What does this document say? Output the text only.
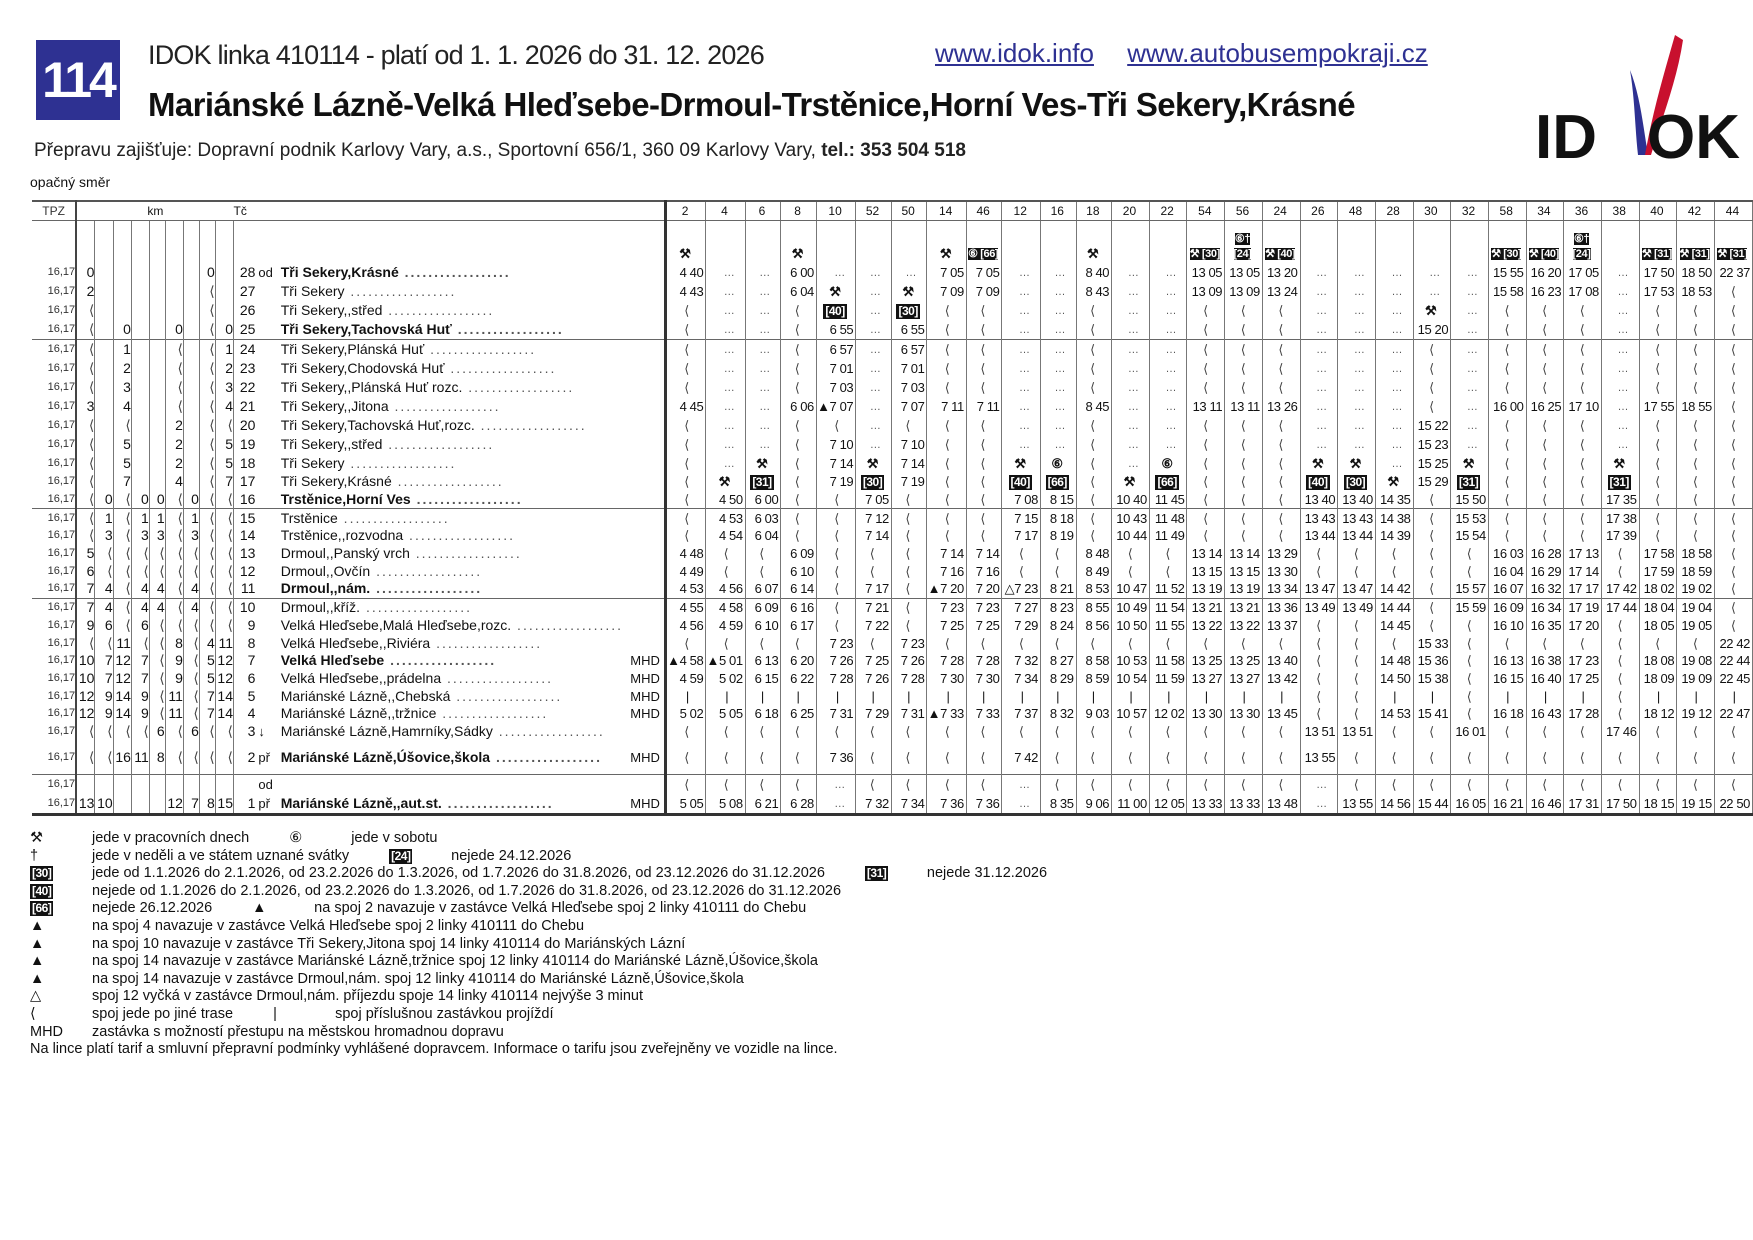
114 IDOK linka 410114 - platí od 1. 1. 2026 do 31. 12. 2026	www.idok.info www.autobusempokraji.cz
Mariánské Lázně-Velká Hleďsebe-Drmoul-Trstěnice,Horní Ves-Tři Sekery,Krásné
Přepravu zajišťuje: Dopravní podnik Karlovy Vary, a.s., Sportovní 656/1, 360 09 Karlovy Vary, tel.: 353 504 518	ID OK
opačný směr
TPZ	km									Tč				2	4	6	8	10	52	50	14	46	12	16	18	20	22	54	56	24	26	48	28	30	32	58	34	36	38	40	42	44
														⚒			⚒				⚒	⑥ [66]			⚒			⚒ [30]	⑥† [24]	⚒ [40]						⚒ [30]	⚒ [40]	⑥† [24]		⚒ [31]	⚒ [31]	⚒ [31]
16,17	0							0		28	od	Tři Sekery,Krásné ..................		4 40	…	…	6 00	…	…	…	7 05	7 05	…	…	8 40	…	…	13 05	13 05	13 20	…	…	…	…	…	15 55	16 20	17 05	…	17 50	18 50	22 37
16,17	2							⟨		27		Tři Sekery ..................		4 43	…	…	6 04	⚒	…	⚒	7 09	7 09	…	…	8 43	…	…	13 09	13 09	13 24	…	…	…	…	…	15 58	16 23	17 08	…	17 53	18 53	⟨
16,17	⟨							⟨		26		Tři Sekery,,střed ..................		⟨	…	…	⟨	[40]	…	[30]	⟨	⟨	…	…	⟨	…	…	⟨	⟨	⟨	…	…	…	⚒	…	⟨	⟨	⟨	…	⟨	⟨	⟨
16,17	⟨		0			0		⟨	0	25		Tři Sekery,Tachovská Huť ..................		⟨	…	…	⟨	6 55	…	6 55	⟨	⟨	…	…	⟨	…	…	⟨	⟨	⟨	…	…	…	15 20	…	⟨	⟨	⟨	…	⟨	⟨	⟨
16,17	⟨		1			⟨		⟨	1	24		Tři Sekery,Plánská Huť ..................		⟨	…	…	⟨	6 57	…	6 57	⟨	⟨	…	…	⟨	…	…	⟨	⟨	⟨	…	…	…	⟨	…	⟨	⟨	⟨	…	⟨	⟨	⟨
16,17	⟨		2			⟨		⟨	2	23		Tři Sekery,Chodovská Huť ..................		⟨	…	…	⟨	7 01	…	7 01	⟨	⟨	…	…	⟨	…	…	⟨	⟨	⟨	…	…	…	⟨	…	⟨	⟨	⟨	…	⟨	⟨	⟨
16,17	⟨		3			⟨		⟨	3	22		Tři Sekery,,Plánská Huť rozc. ..................		⟨	…	…	⟨	7 03	…	7 03	⟨	⟨	…	…	⟨	…	…	⟨	⟨	⟨	…	…	…	⟨	…	⟨	⟨	⟨	…	⟨	⟨	⟨
16,17	3		4			⟨		⟨	4	21		Tři Sekery,,Jitona ..................		4 45	…	…	6 06	▲7 07	…	7 07	7 11	7 11	…	…	8 45	…	…	13 11	13 11	13 26	…	…	…	⟨	…	16 00	16 25	17 10	…	17 55	18 55	⟨
16,17	⟨		⟨			2		⟨	⟨	20		Tři Sekery,Tachovská Huť,rozc. ..................		⟨	…	…	⟨	⟨	…	⟨	⟨	⟨	…	…	⟨	…	…	⟨	⟨	⟨	…	…	…	15 22	…	⟨	⟨	⟨	…	⟨	⟨	⟨
16,17	⟨		5			2		⟨	5	19		Tři Sekery,,střed ..................		⟨	…	…	⟨	7 10	…	7 10	⟨	⟨	…	…	⟨	…	…	⟨	⟨	⟨	…	…	…	15 23	…	⟨	⟨	⟨	…	⟨	⟨	⟨
16,17	⟨		5			2		⟨	5	18		Tři Sekery ..................		⟨	…	⚒	⟨	7 14	⚒	7 14	⟨	⟨	⚒	⑥	⟨	…	⑥	⟨	⟨	⟨	⚒	⚒	…	15 25	⚒	⟨	⟨	⟨	⚒	⟨	⟨	⟨
16,17	⟨		7			4		⟨	7	17		Tři Sekery,Krásné ..................		⟨	⚒	[31]	⟨	7 19	[30]	7 19	⟨	⟨	[40]	[66]	⟨	⚒	[66]	⟨	⟨	⟨	[40]	[30]	⚒	15 29	[31]	⟨	⟨	⟨	[31]	⟨	⟨	⟨
16,17	⟨	0	⟨	0	0	⟨	0	⟨	⟨	16		Trstěnice,Horní Ves ..................		⟨	4 50	6 00	⟨	⟨	7 05	⟨	⟨	⟨	7 08	8 15	⟨	10 40	11 45	⟨	⟨	⟨	13 40	13 40	14 35	⟨	15 50	⟨	⟨	⟨	17 35	⟨	⟨	⟨
16,17	⟨	1	⟨	1	1	⟨	1	⟨	⟨	15		Trstěnice ..................		⟨	4 53	6 03	⟨	⟨	7 12	⟨	⟨	⟨	7 15	8 18	⟨	10 43	11 48	⟨	⟨	⟨	13 43	13 43	14 38	⟨	15 53	⟨	⟨	⟨	17 38	⟨	⟨	⟨
16,17	⟨	3	⟨	3	3	⟨	3	⟨	⟨	14		Trstěnice,,rozvodna ..................		⟨	4 54	6 04	⟨	⟨	7 14	⟨	⟨	⟨	7 17	8 19	⟨	10 44	11 49	⟨	⟨	⟨	13 44	13 44	14 39	⟨	15 54	⟨	⟨	⟨	17 39	⟨	⟨	⟨
16,17	5	⟨	⟨	⟨	⟨	⟨	⟨	⟨	⟨	13		Drmoul,,Panský vrch ..................		4 48	⟨	⟨	6 09	⟨	⟨	⟨	7 14	7 14	⟨	⟨	8 48	⟨	⟨	13 14	13 14	13 29	⟨	⟨	⟨	⟨	⟨	16 03	16 28	17 13	⟨	17 58	18 58	⟨
16,17	6	⟨	⟨	⟨	⟨	⟨	⟨	⟨	⟨	12		Drmoul,,Ovčín ..................		4 49	⟨	⟨	6 10	⟨	⟨	⟨	7 16	7 16	⟨	⟨	8 49	⟨	⟨	13 15	13 15	13 30	⟨	⟨	⟨	⟨	⟨	16 04	16 29	17 14	⟨	17 59	18 59	⟨
16,17	7	4	⟨	4	4	⟨	4	⟨	⟨	11		Drmoul,,nám. ..................		4 53	4 56	6 07	6 14	⟨	7 17	⟨	▲7 20	7 20	△7 23	8 21	8 53	10 47	11 52	13 19	13 19	13 34	13 47	13 47	14 42	⟨	15 57	16 07	16 32	17 17	17 42	18 02	19 02	⟨
16,17	7	4	⟨	4	4	⟨	4	⟨	⟨	10		Drmoul,,kříž. ..................		4 55	4 58	6 09	6 16	⟨	7 21	⟨	7 23	7 23	7 27	8 23	8 55	10 49	11 54	13 21	13 21	13 36	13 49	13 49	14 44	⟨	15 59	16 09	16 34	17 19	17 44	18 04	19 04	⟨
16,17	9	6	⟨	6	⟨	⟨	⟨	⟨	⟨	9		Velká Hleďsebe,Malá Hleďsebe,rozc. ..................		4 56	4 59	6 10	6 17	⟨	7 22	⟨	7 25	7 25	7 29	8 24	8 56	10 50	11 55	13 22	13 22	13 37	⟨	⟨	14 45	⟨	⟨	16 10	16 35	17 20	⟨	18 05	19 05	⟨
16,17	⟨	⟨	11	⟨	⟨	8	⟨	4	11	8		Velká Hleďsebe,,Riviéra ..................		⟨	⟨	⟨	⟨	7 23	⟨	7 23	⟨	⟨	⟨	⟨	⟨	⟨	⟨	⟨	⟨	⟨	⟨	⟨	⟨	15 33	⟨	⟨	⟨	⟨	⟨	⟨	⟨	22 42
16,17	10	7	12	7	⟨	9	⟨	5	12	7		Velká Hleďsebe ..................	MHD	▲4 58	▲5 01	6 13	6 20	7 26	7 25	7 26	7 28	7 28	7 32	8 27	8 58	10 53	11 58	13 25	13 25	13 40	⟨	⟨	14 48	15 36	⟨	16 13	16 38	17 23	⟨	18 08	19 08	22 44
16,17	10	7	12	7	⟨	9	⟨	5	12	6		Velká Hleďsebe,,prádelna ..................	MHD	4 59	5 02	6 15	6 22	7 28	7 26	7 28	7 30	7 30	7 34	8 29	8 59	10 54	11 59	13 27	13 27	13 42	⟨	⟨	14 50	15 38	⟨	16 15	16 40	17 25	⟨	18 09	19 09	22 45
16,17	12	9	14	9	⟨	11	⟨	7	14	5		Mariánské Lázně,,Chebská ..................	MHD	|	|	|	|	|	|	|	|	|	|	|	|	|	|	|	|	|	⟨	⟨	|	|	⟨	|	|	|	⟨	|	|	|
16,17	12	9	14	9	⟨	11	⟨	7	14	4		Mariánské Lázně,,tržnice ..................	MHD	5 02	5 05	6 18	6 25	7 31	7 29	7 31	▲7 33	7 33	7 37	8 32	9 03	10 57	12 02	13 30	13 30	13 45	⟨	⟨	14 53	15 41	⟨	16 18	16 43	17 28	⟨	18 12	19 12	22 47
16,17	⟨	⟨	⟨	⟨	6	⟨	6	⟨	⟨	3	↓	Mariánské Lázně,Hamrníky,Sádky ..................		⟨	⟨	⟨	⟨	⟨	⟨	⟨	⟨	⟨	⟨	⟨	⟨	⟨	⟨	⟨	⟨	⟨	13 51	13 51	⟨	⟨	16 01	⟨	⟨	⟨	17 46	⟨	⟨	⟨
16,17	⟨	⟨	16	11	8	⟨	⟨	⟨	⟨	2	př	Mariánské Lázně,Úšovice,škola ..................	MHD	⟨	⟨	⟨	⟨	7 36	⟨	⟨	⟨	⟨	7 42	⟨	⟨	⟨	⟨	⟨	⟨	⟨	13 55	⟨	⟨	⟨	⟨	⟨	⟨	⟨	⟨	⟨	⟨	⟨
16,17											od			⟨	⟨	⟨	⟨	…	⟨	⟨	⟨	⟨	…	⟨	⟨	⟨	⟨	⟨	⟨	⟨	…	⟨	⟨	⟨	⟨	⟨	⟨	⟨	⟨	⟨	⟨	⟨
16,17	13	10				12	7	8	15	1	př	Mariánské Lázně,,aut.st. ..................	MHD	5 05	5 08	6 21	6 28	…	7 32	7 34	7 36	7 36	…	8 35	9 06	11 00	12 05	13 33	13 33	13 48	…	13 55	14 56	15 44	16 05	16 21	16 46	17 31	17 50	18 15	19 15	22 50
⚒	jede v pracovních dnech	⑥	jede v sobotu
†	jede v neděli a ve státem uznané svátky	[24]	nejede 24.12.2026
[30]	jede od 1.1.2026 do 2.1.2026, od 23.2.2026 do 1.3.2026, od 1.7.2026 do 31.8.2026, od 23.12.2026 do 31.12.2026	[31]	nejede 31.12.2026
[40]	nejede od 1.1.2026 do 2.1.2026, od 23.2.2026 do 1.3.2026, od 1.7.2026 do 31.8.2026, od 23.12.2026 do 31.12.2026
[66]	nejede 26.12.2026	▲	na spoj 2 navazuje v zastávce Velká Hleďsebe spoj 2 linky 410111 do Chebu
▲	na spoj 4 navazuje v zastávce Velká Hleďsebe spoj 2 linky 410111 do Chebu
▲	na spoj 10 navazuje v zastávce Tři Sekery,Jitona spoj 14 linky 410114 do Mariánských Lázní
▲	na spoj 14 navazuje v zastávce Mariánské Lázně,tržnice spoj 12 linky 410114 do Mariánské Lázně,Úšovice,škola
▲	na spoj 14 navazuje v zastávce Drmoul,nám. spoj 12 linky 410114 do Mariánské Lázně,Úšovice,škola
△	spoj 12 vyčká v zastávce Drmoul,nám. příjezdu spoje 14 linky 410114 nejvýše 3 minut
⟨	spoj jede po jiné trase	|	spoj příslušnou zastávkou projíždí
MHD	zastávka s možností přestupu na městskou hromadnou dopravu
Na lince platí tarif a smluvní přepravní podmínky vyhlášené dopravcem. Informace o tarifu jsou zveřejněny ve vozidle na lince.
